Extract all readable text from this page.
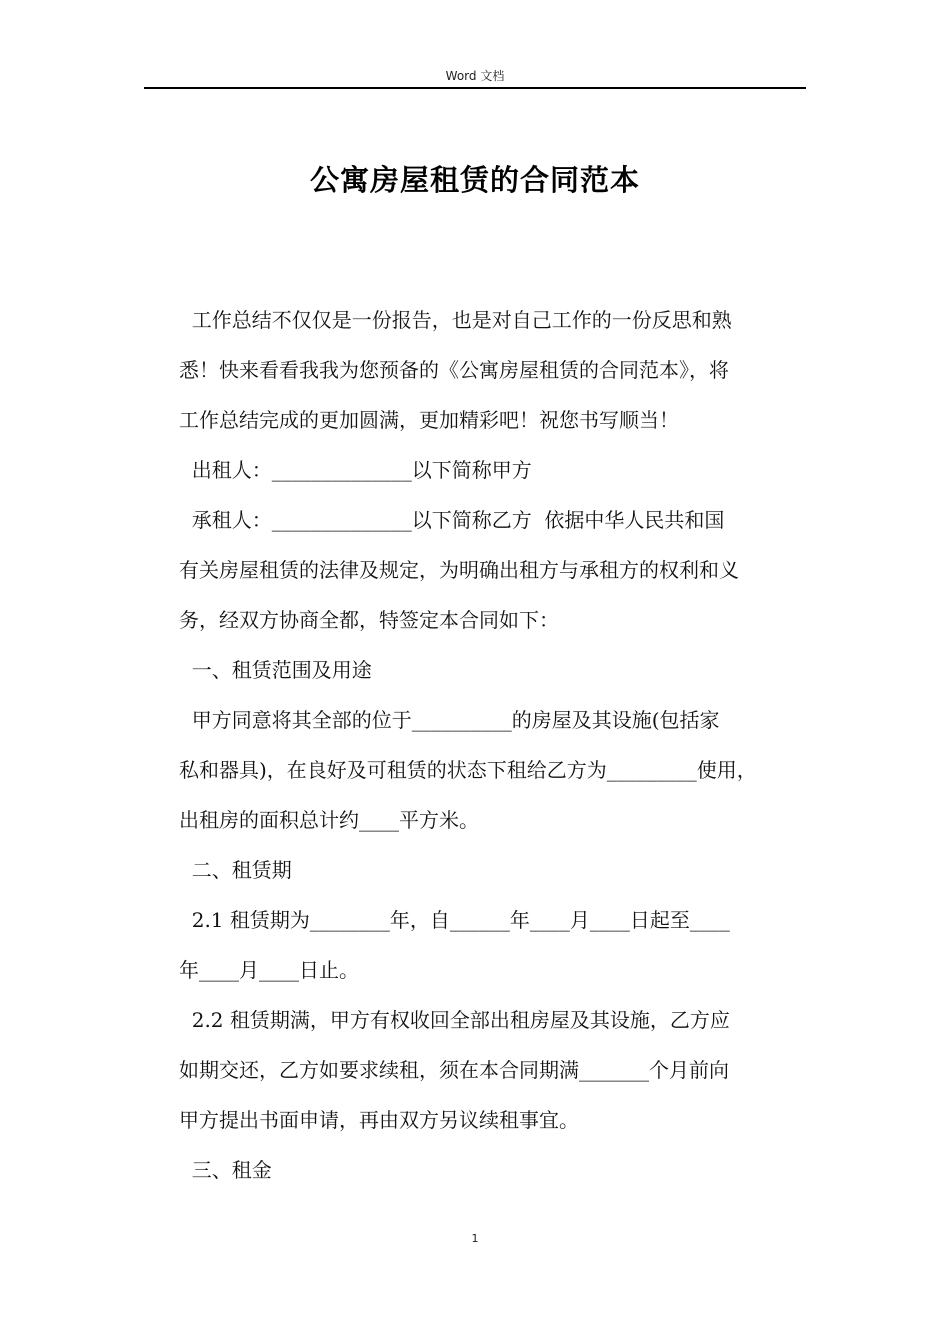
Word 文档
公寓房屋租赁的合同范本
工作总结不仅仅是一份报告，也是对自己工作的一份反思和熟
悉！快来看看我我为您预备的《公寓房屋租赁的合同范本》，将
工作总结完成的更加圆满，更加精彩吧！祝您书写顺当！
出租人：______________以下简称甲方
承租人：______________以下简称乙方  依据中华人民共和国
有关房屋租赁的法律及规定，为明确出租方与承租方的权利和义
务，经双方协商全都，特签定本合同如下：
一、租赁范围及用途
甲方同意将其全部的位于__________的房屋及其设施(包括家
私和器具)，在良好及可租赁的状态下租给乙方为_________使用，
出租房的面积总计约____平方米。
二、租赁期
2.1 租赁期为________年，自______年____月____日起至____
年____月____日止。
2.2 租赁期满，甲方有权收回全部出租房屋及其设施，乙方应
如期交还，乙方如要求续租，须在本合同期满_______个月前向
甲方提出书面申请，再由双方另议续租事宜。
三、租金
1
